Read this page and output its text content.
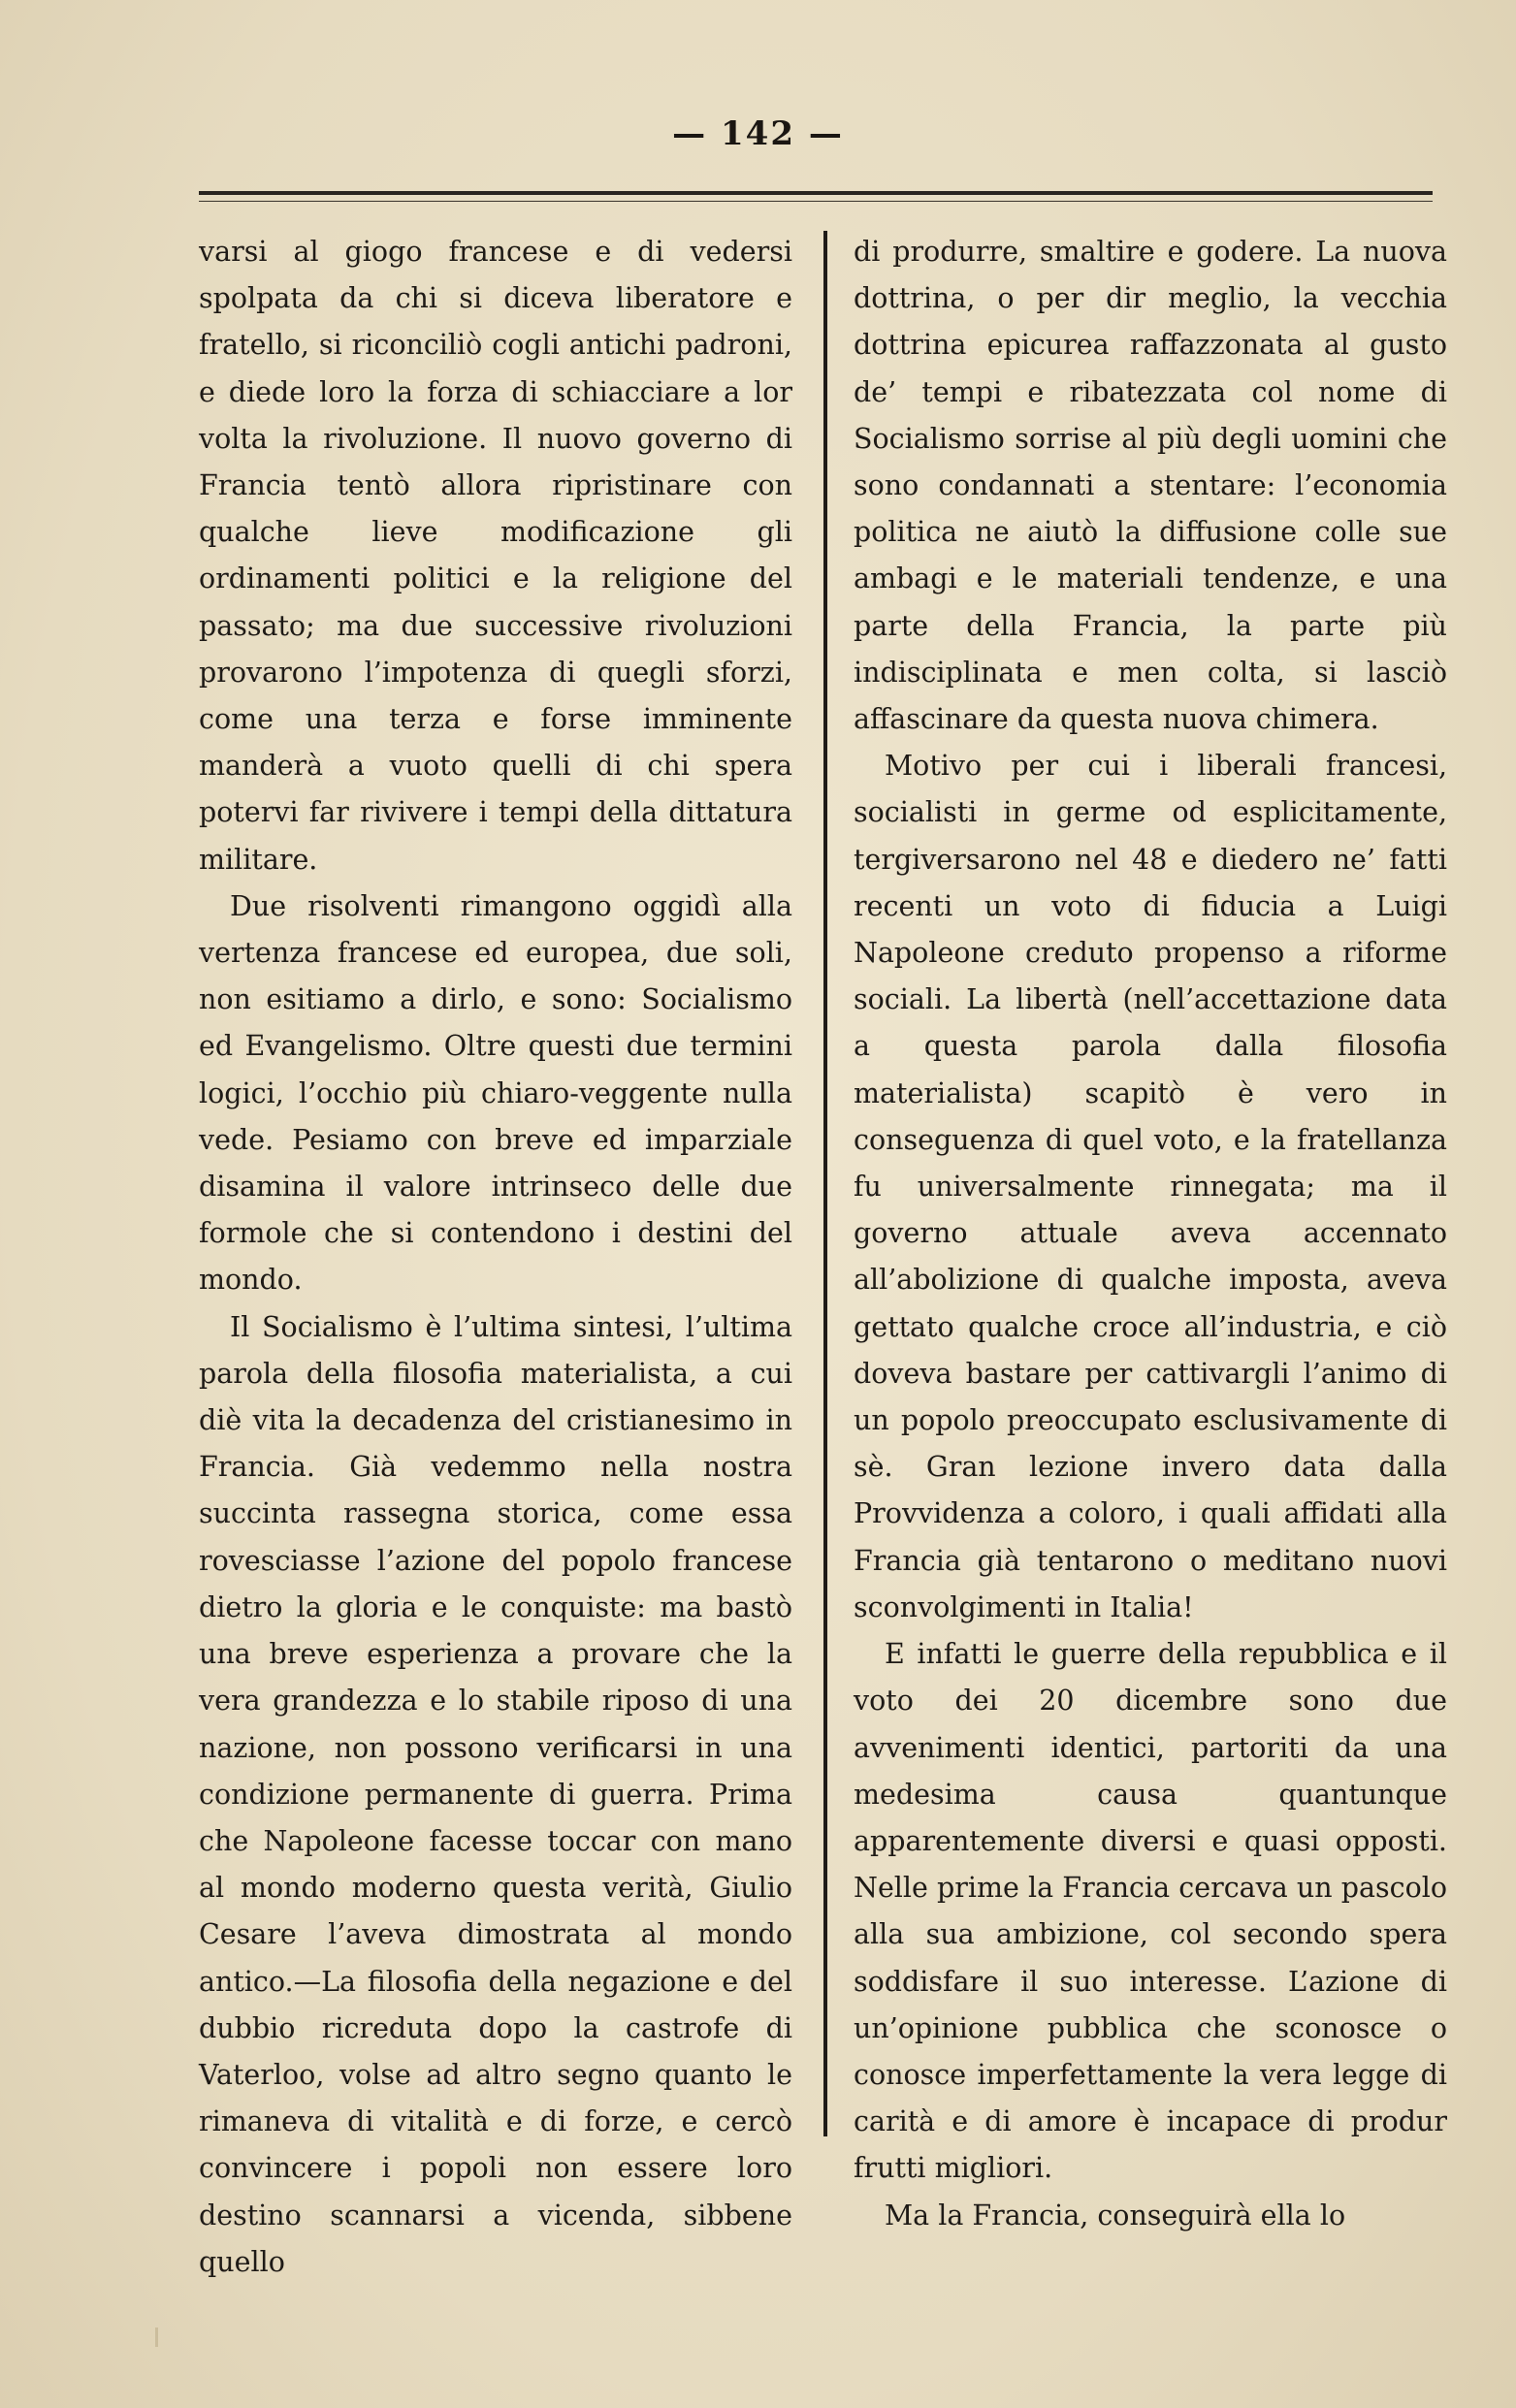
— 142 —

varsi al giogo francese e di vedersi spolpata da chi si diceva liberatore e fratello, si riconciliò cogli antichi padroni, e diede loro la forza di schiacciare a lor volta la rivoluzione. Il nuovo governo di Francia tentò allora ripristinare con qualche lieve modificazione gli ordinamenti politici e la religione del passato; ma due successive rivoluzioni provarono l’impotenza di quegli sforzi, come una terza e forse imminente manderà a vuoto quelli di chi spera potervi far rivivere i tempi della dittatura militare.

Due risolventi rimangono oggidì alla vertenza francese ed europea, due soli, non esitiamo a dirlo, e sono: Socialismo ed Evangelismo. Oltre questi due termini logici, l’occhio più chiaro-veggente nulla vede. Pesiamo con breve ed imparziale disamina il valore intrinseco delle due formole che si contendono i destini del mondo.

Il Socialismo è l’ultima sintesi, l’ultima parola della filosofia materialista, a cui diè vita la decadenza del cristianesimo in Francia. Già vedemmo nella nostra succinta rassegna storica, come essa rovesciasse l’azione del popolo francese dietro la gloria e le conquiste: ma bastò una breve esperienza a provare che la vera grandezza e lo stabile riposo di una nazione, non possono verificarsi in una condizione permanente di guerra. Prima che Napoleone facesse toccar con mano al mondo moderno questa verità, Giulio Cesare l’aveva dimostrata al mondo antico.—La filosofia della negazione e del dubbio ricreduta dopo la castrofe di Vaterloo, volse ad altro segno quanto le rimaneva di vitalità e di forze, e cercò convincere i popoli non essere loro destino scannarsi a vicenda, sibbene quello

di produrre, smaltire e godere. La nuova dottrina, o per dir meglio, la vecchia dottrina epicurea raffazzonata al gusto de’ tempi e ribatezzata col nome di Socialismo sorrise al più degli uomini che sono condannati a stentare: l’economia politica ne aiutò la diffusione colle sue ambagi e le materiali tendenze, e una parte della Francia, la parte più indisciplinata e men colta, si lasciò affascinare da questa nuova chimera.

Motivo per cui i liberali francesi, socialisti in germe od esplicitamente, tergiversarono nel 48 e diedero ne’ fatti recenti un voto di fiducia a Luigi Napoleone creduto propenso a riforme sociali. La libertà (nell’accettazione data a questa parola dalla filosofia materialista) scapitò è vero in conseguenza di quel voto, e la fratellanza fu universalmente rinnegata; ma il governo attuale aveva accennato all’abolizione di qualche imposta, aveva gettato qualche croce all’industria, e ciò doveva bastare per cattivargli l’animo di un popolo preoccupato esclusivamente di sè. Gran lezione invero data dalla Provvidenza a coloro, i quali affidati alla Francia già tentarono o meditano nuovi sconvolgimenti in Italia!

E infatti le guerre della repubblica e il voto dei 20 dicembre sono due avvenimenti identici, partoriti da una medesima causa quantunque apparentemente diversi e quasi opposti. Nelle prime la Francia cercava un pascolo alla sua ambizione, col secondo spera soddisfare il suo interesse. L’azione di un’opinione pubblica che sconosce o conosce imperfettamente la vera legge di carità e di amore è incapace di produr frutti migliori.

Ma la Francia, conseguirà ella lo
